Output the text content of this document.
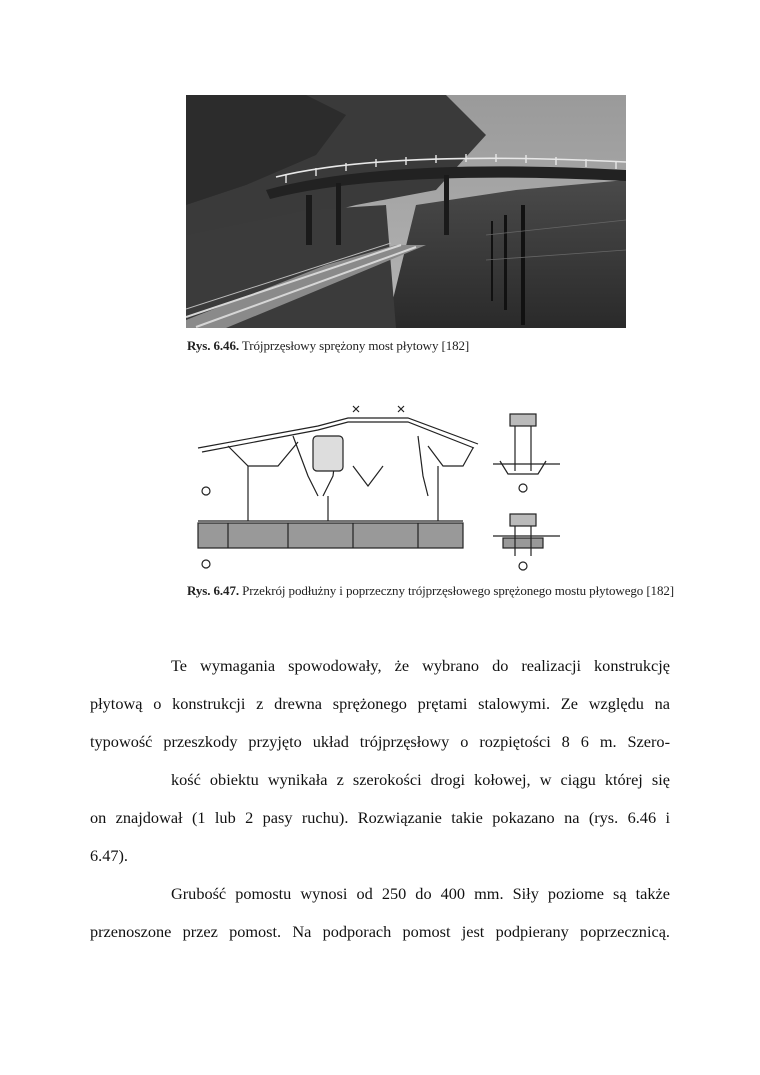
Rys. 6.46. Trójprzęsłowy sprężony most płytowy [182]
Rys. 6.47. Przekrój podłużny i poprzeczny trójprzęsłowego sprężonego mostu płytowego [182]
Te wymagania spowodowały, że wybrano do realizacji konstrukcję
płytową o konstrukcji z drewna sprężonego prętami stalowymi. Ze względu na
typowość przeszkody przyjęto układ trójprzęsłowy o rozpiętości 8 6 m. Szero-
kość obiektu wynikała z szerokości drogi kołowej, w ciągu której się
on znajdował (1 lub 2 pasy ruchu). Rozwiązanie takie pokazano na (rys. 6.46 i
6.47).
Grubość pomostu wynosi od 250 do 400 mm. Siły poziome są także
przenoszone przez pomost. Na podporach pomost jest podpierany poprzecznicą.
